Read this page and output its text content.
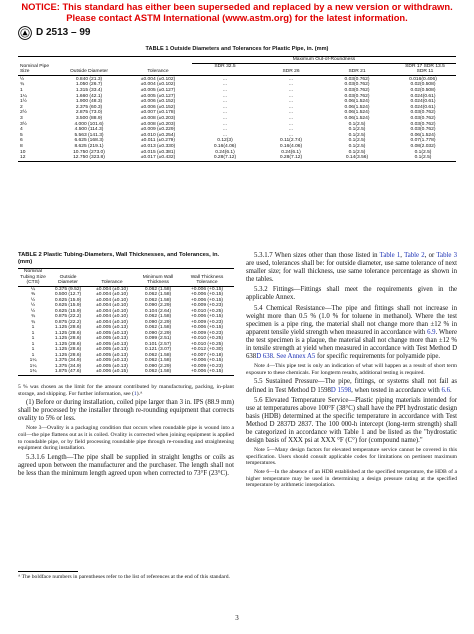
NOTICE: This standard has either been superseded and replaced by a new version or withdrawn.
Please contact ASTM International (www.astm.org) for the latest information.
D 2513 – 99
TABLE 1 Outside Diameters and Tolerances for Plastic Pipe, in. (mm)
Nominal Pipe Size	Outside Diameter	Tolerance	Maximum Out-of-Roundness			
			SDR 32.5	SDR 26	SDR 21	SDR 17 SDR 13.5 SDR 11
½	0.840 (21.3)	±0.004 (±0.102)	...	...	0.03(0.762)	0.016(0.406)
¾	1.050 (26.7)	±0.004 (±0.102)	...	...	0.03(0.762)	0.02(0.508)
1	1.315 (33.4)	±0.005 (±0.127)	...	...	0.03(0.762)	0.02(0.508)
1¼	1.660 (42.1)	±0.005 (±0.127)	...	...	0.03(0.762)	0.024(0.61)
1½	1.900 (48.3)	±0.006 (±0.152)	...	...	0.06(1.524)	0.024(0.61)
2	2.375 (60.3)	±0.006 (±0.152)	...	...	0.06(1.524)	0.024(0.61)
2½	2.875 (73.0)	±0.007 (±0.178)	...	...	0.06(1.524)	0.03(0.762)
3	3.500 (88.9)	±0.008 (±0.203)	...	...	0.06(1.524)	0.03(0.762)
3½	4.000 (101.6)	±0.008 (±0.203)	...	...	0.1(2.5)	0.03(0.762)
4	4.500 (114.3)	±0.009 (±0.229)	...	...	0.1(2.5)	0.03(0.762)
5	5.563 (141.3)	±0.010 (±0.254)	...	...	0.1(2.5)	0.06(1.524)
6	6.625 (168.3)	±0.011 (±0.279)	0.12(3)	0.11(2.74)	0.1(2.5)	0.07(1.778)
8	8.625 (219.1)	±0.013 (±0.330)	0.16(4.06)	0.16(4.06)	0.1(2.5)	0.08(2.032)
10	10.750 (273.0)	±0.015 (±0.381)	0.24(6.1)	0.24(6.1)	0.1(2.5)	0.1(2.5)
12	12.750 (323.8)	±0.017 (±0.432)	0.28(7.12)	0.28(7.12)	0.14(3.56)	0.1(2.5)
TABLE 2 Plastic Tubing-Diameters, Wall Thicknesses, and Tolerances, in. (mm)
Nominal Tubing Size (CTS)	Outside Diameter	Tolerance	Minimum Wall Thickness	Wall Thickness Tolerance
¼	0.375 (9.52)	±0.004 (±0.10)	0.062 (1.58)	+0.006 (+0.15)
⅜	0.500 (12.7)	±0.004 (±0.10)	0.062 (1.58)	+0.006 (+0.15)
½	0.625 (15.9)	±0.004 (±0.10)	0.062 (1.58)	+0.006 (+0.15)
½	0.625 (15.9)	±0.004 (±0.10)	0.090 (2.29)	+0.009 (+0.23)
½	0.625 (15.9)	±0.004 (±0.10)	0.104 (2.64)	+0.010 (+0.25)
¾	0.875 (22.2)	±0.004 (±0.10)	0.062 (1.58)	+0.006 (+0.15)
¾	0.875 (22.2)	±0.004 (±0.10)	0.090 (2.29)	+0.009 (+0.23)
1	1.125 (28.6)	±0.005 (±0.13)	0.062 (1.58)	+0.006 (+0.15)
1	1.125 (28.6)	±0.005 (±0.13)	0.090 (2.29)	+0.009 (+0.23)
1	1.125 (28.6)	±0.005 (±0.13)	0.099 (2.51)	+0.010 (+0.25)
1	1.125 (28.6)	±0.005 (±0.13)	0.101 (2.57)	+0.010 (+0.25)
1	1.125 (28.6)	±0.005 (±0.13)	0.121 (3.07)	+0.012 (+0.30)
1	1.125 (28.6)	±0.005 (±0.13)	0.062 (1.58)	+0.007 (+0.18)
1¼	1.375 (34.9)	±0.005 (±0.13)	0.062 (1.58)	+0.006 (+0.15)
1¼	1.375 (34.9)	±0.005 (±0.13)	0.090 (2.29)	+0.009 (+0.23)
1¾	1.875 (47.6)	±0.006 (±0.15)	0.062 (1.58)	+0.006 (+0.15)

5 % was chosen as the limit for the amount contributed by manufacturing, packing, in-plant storage, and shipping. For further information, see (1).ᴬ

(1) Before or during installation, coiled pipe larger than 3 in. IPS (88.9 mm) shall be processed by the installer through re-rounding equipment that corrects ovality to 5% or less.

Note 3—Ovality is a packaging condition that occurs when roundable pipe is wound into a coil—the pipe flattens out as it is coiled. Ovality is corrected when joining equipment is applied to roundable pipe, or by field processing roundable pipe through re-rounding and straightening equipment during installation.

5.3.1.6 Length—The pipe shall be supplied in straight lengths or coils as agreed upon between the manufacturer and the purchaser. The length shall not be less than the minimum length agreed upon when corrected to 73°F (23°C).

ᴬ The boldface numbers in parentheses refer to the list of references at the end of this standard.

5.3.1.7 When sizes other than those listed in Table 1, Table 2, or Table 3 are used, tolerances shall be: for outside diameter, use same tolerance of next smaller size; for wall thickness, use same tolerance percentage as shown in the tables.

5.3.2 Fittings—Fittings shall meet the requirements given in the applicable Annex.

5.4 Chemical Resistance—The pipe and fittings shall not increase in weight more than 0.5 % (1.0 % for toluene in methanol). Where the test specimen is a pipe ring, the material shall not change more than ±12 % in apparent tensile yield strength when measured in accordance with 6.9. Where the test specimen is a plaque, the material shall not change more than ±12 % in tensile strength at yield when measured in accordance with Test Method D 638D 638. See Annex A5 for specific requirements for polyamide pipe.

Note 4—This pipe test is only an indication of what will happen as a result of short term exposure to these chemicals. For longterm results, additional testing is required.

5.5 Sustained Pressure—The pipe, fittings, or systems shall not fail as defined in Test Method D 1598D 1598, when tested in accordance with 6.6.

5.6 Elevated Temperature Service—Plastic piping materials intended for use at temperatures above 100°F (38°C) shall have the PPI hydrostatic design basis (HDB) determined at the specific temperature in accordance with Test Method D 2837D 2837. The 100 000-h intercept (long-term strength) shall be categorized in accordance with Table 1 and be listed as the "hydrostatic design basis of XXX psi at XXX °F (C°) for (compound name)."

Note 5—Many design factors for elevated temperature service cannot be covered in this specification. Users should consult applicable codes for limitations on pertinent maximum temperatures.

Note 6—In the absence of an HDB established at the specified temperature, the HDB of a higher temperature may be used in determining a design pressure rating at the specified temperature by arithmetic interpolation.

3
